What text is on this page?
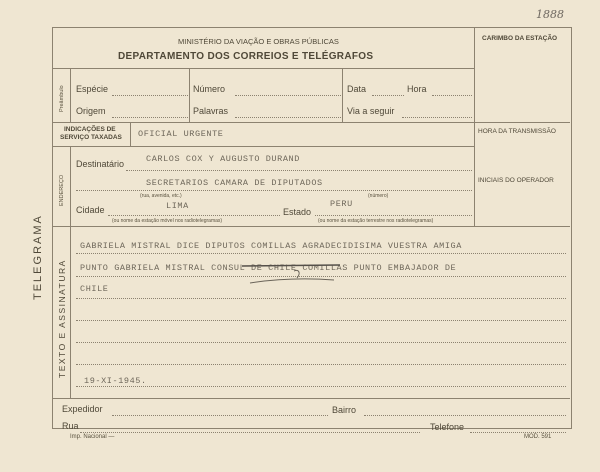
1888
MINISTÉRIO DA VIAÇÃO E OBRAS PÚBLICAS
DEPARTAMENTO DOS CORREIOS E TELÉGRAFOS
CARIMBO DA ESTAÇÃO
Preâmbulo Espécie	Número	Data	Hora
Origem	Palavras	Via a seguir
INDICAÇÕES DE
SERVIÇO TAXADAS OFICIAL URGENTE	HORA DA TRANSMISSÃO
INICIAIS DO OPERADOR
ENDEREÇO
Destinatário	CARLOS COX Y AUGUSTO DURAND
SECRETARIOS CAMARA DE DIPUTADOS
(rua, avenida, etc.)	(número)
Cidade	LIMA
Estado
PERU
(ou nome da estação móvel nos radiotelegramas)	(ou nome da estação terrestre nos radiotelegramas)
TELEGRAMA
TEXTO E ASSINATURA
GABRIELA MISTRAL DICE DIPUTOS COMILLAS AGRADECIDISIMA VUESTRA AMIGA
PUNTO GABRIELA MISTRAL CONSUL DE CHILE COMILLAS PUNTO EMBAJADOR DE
CHILE
19-XI-1945.
Expedidor	Bairro
Rua	Telefone
Imp. Nacional —	MOD. 591
